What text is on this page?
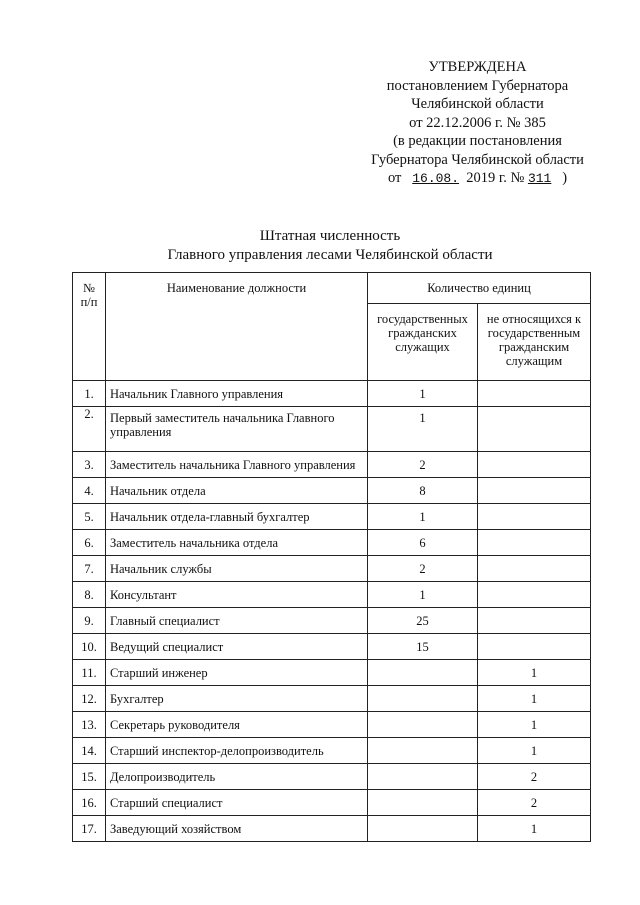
УТВЕРЖДЕНА
постановлением Губернатора
Челябинской области
от 22.12.2006 г. № 385
(в редакции постановления
Губернатора Челябинской области
от 16.08. 2019 г. № 311 )
Штатная численность
Главного управления лесами Челябинской области
№ п/п	Наименование должности	Количество единиц	
		государственных гражданских служащих	не относящихся к государственным гражданским служащим
1.	Начальник Главного управления	1	
2.	Первый заместитель начальника Главного управления	1	
3.	Заместитель начальника Главного управления	2	
4.	Начальник отдела	8	
5.	Начальник отдела-главный бухгалтер	1	
6.	Заместитель начальника отдела	6	
7.	Начальник службы	2	
8.	Консультант	1	
9.	Главный специалист	25	
10.	Ведущий специалист	15	
11.	Старший инженер		1
12.	Бухгалтер		1
13.	Секретарь руководителя		1
14.	Старший инспектор-делопроизводитель		1
15.	Делопроизводитель		2
16.	Старший специалист		2
17.	Заведующий хозяйством		1
